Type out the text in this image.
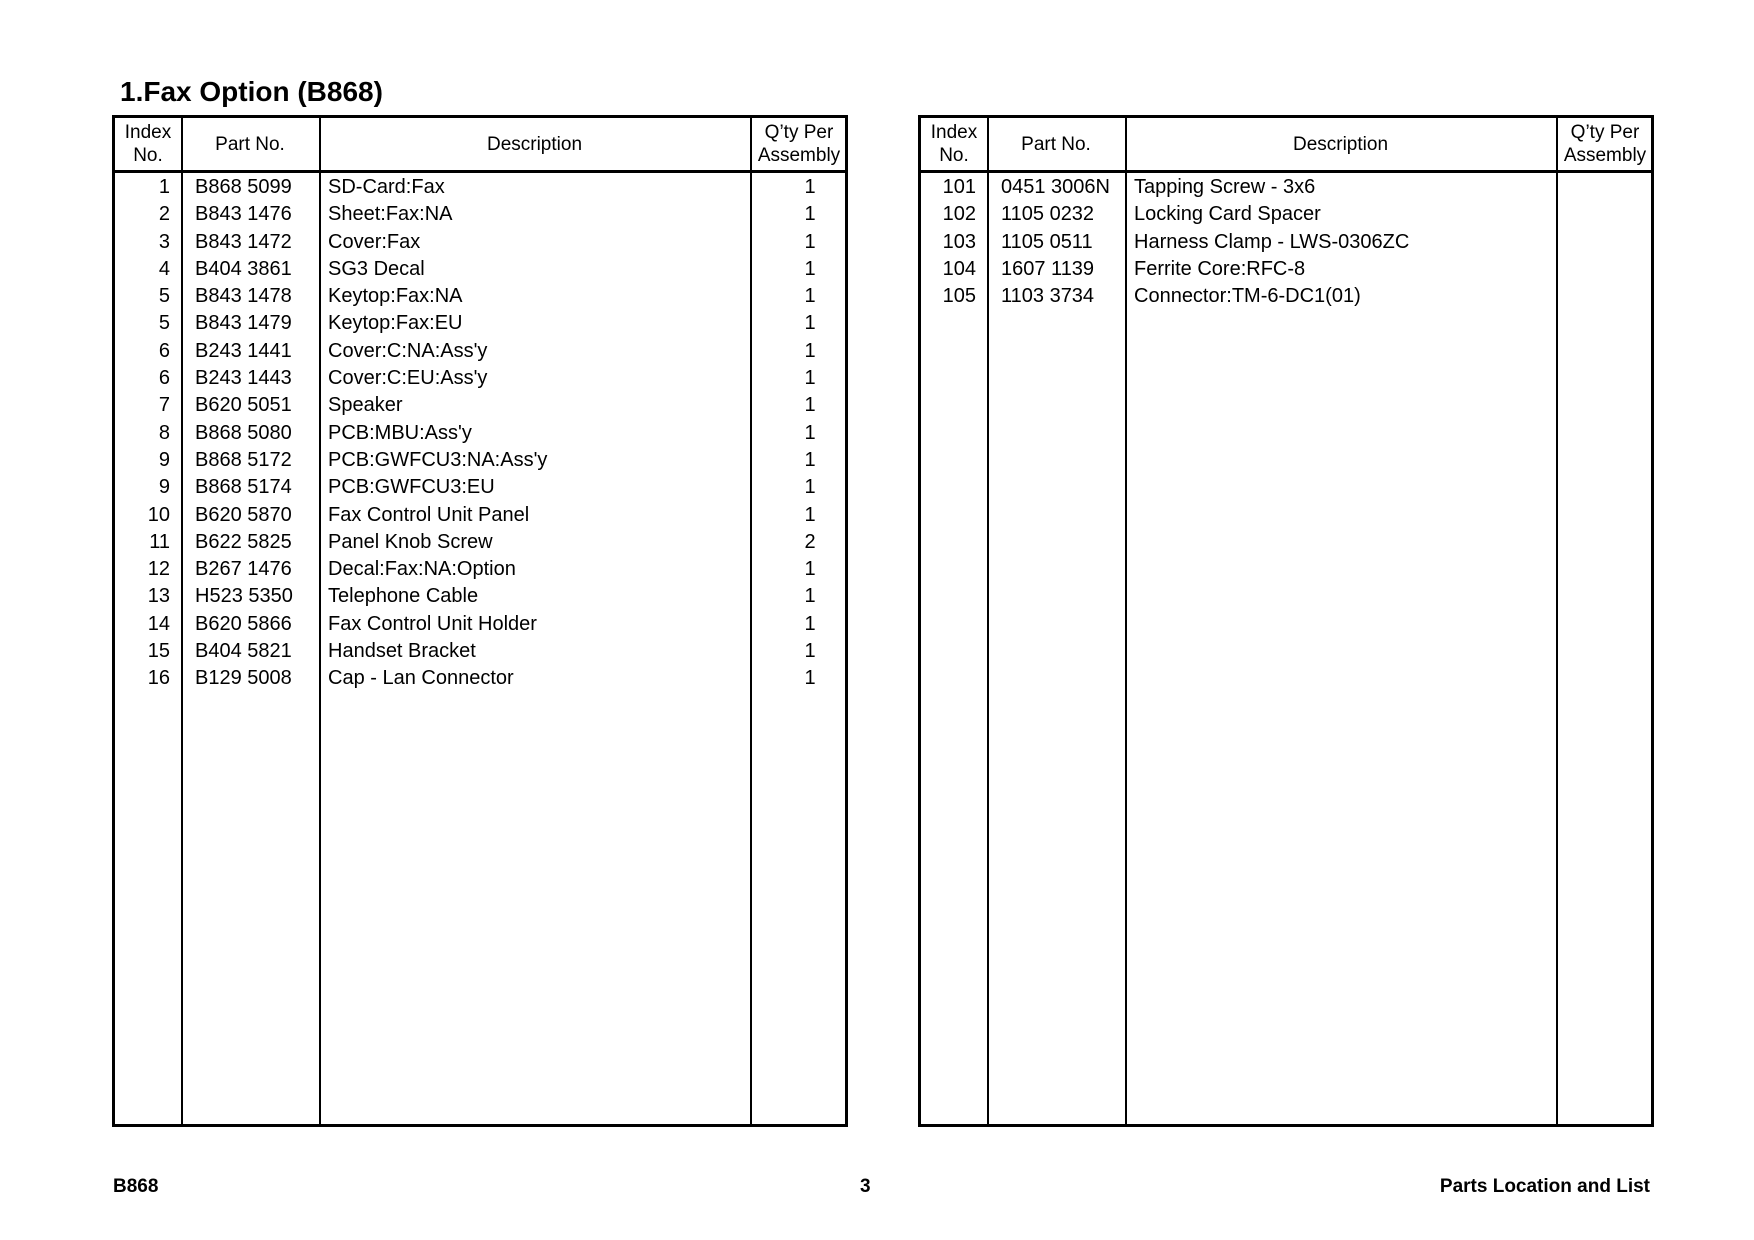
1.Fax Option (B868)
Index
No.
Part No.	Description
Q’ty Per
Assembly
1 B868 5099	SD-Card:Fax	1
2 B843 1476	Sheet:Fax:NA	1
3 B843 1472	Cover:Fax	1
4 B404 3861	SG3 Decal	1
5 B843 1478	Keytop:Fax:NA	1
5 B843 1479	Keytop:Fax:EU	1
6 B243 1441	Cover:C:NA:Ass'y	1
6 B243 1443	Cover:C:EU:Ass'y	1
7 B620 5051	Speaker	1
8 B868 5080	PCB:MBU:Ass'y	1
9 B868 5172	PCB:GWFCU3:NA:Ass'y	1
9 B868 5174	PCB:GWFCU3:EU	1
10 B620 5870	Fax Control Unit Panel	1
11 B622 5825	Panel Knob Screw	2
12 B267 1476	Decal:Fax:NA:Option	1
13 H523 5350	Telephone Cable	1
14 B620 5866	Fax Control Unit Holder	1
15 B404 5821	Handset Bracket	1
16 B129 5008	Cap - Lan Connector	1
Index
No.
Part No.	Description
Q’ty Per
Assembly
101 0451 3006N	Tapping Screw - 3x6
102 1105 0232	Locking Card Spacer
103 1105 0511	Harness Clamp - LWS-0306ZC
104 1607 1139	Ferrite Core:RFC-8
105 1103 3734	Connector:TM-6-DC1(01)
B868	3	Parts Location and List
